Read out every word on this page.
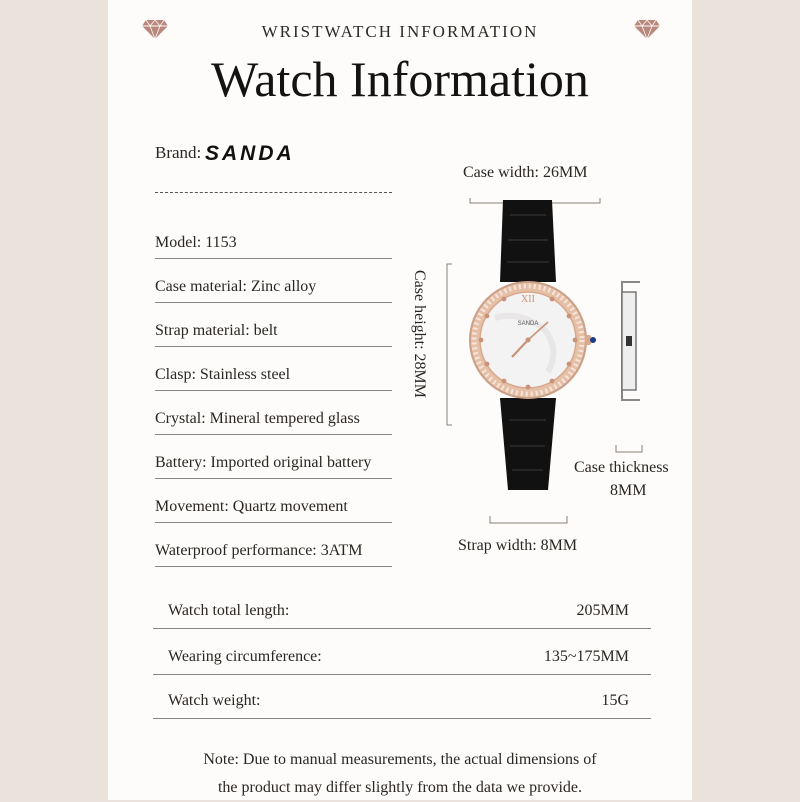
WRISTWATCH INFORMATION
Watch Information
Brand: SANDA
Model: 1153
Case material: Zinc alloy
Strap material: belt
Clasp: Stainless steel
Crystal: Mineral tempered glass
Battery: Imported original battery
Movement: Quartz movement
Waterproof performance: 3ATM
Case width: 26MM
Case height: 28MM
Case thickness
8MM
Strap width: 8MM
XII
SANDA
Watch total length:	205MM
Wearing circumference:	135~175MM
Watch weight:	15G
Note: Due to manual measurements, the actual dimensions of
the product may differ slightly from the data we provide.
